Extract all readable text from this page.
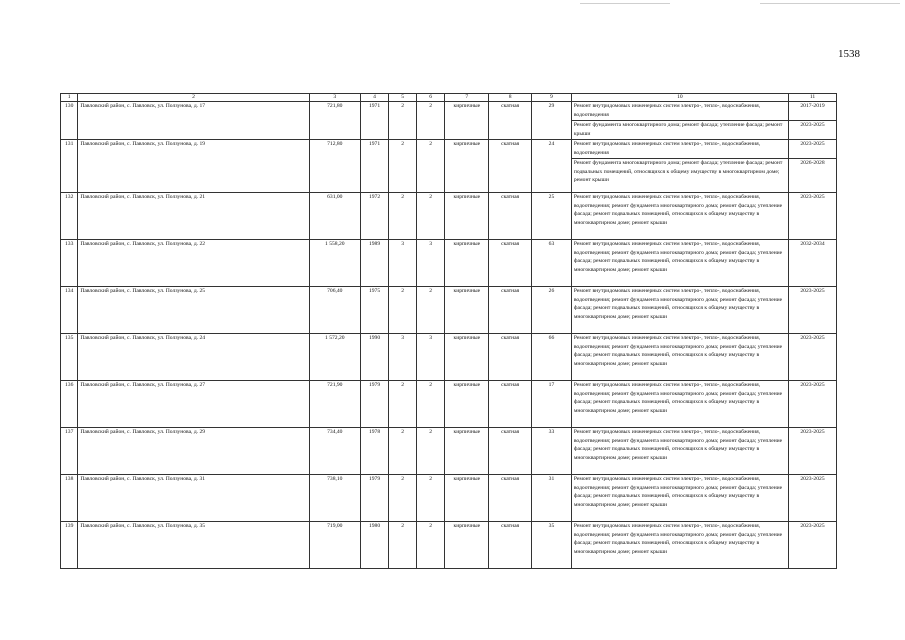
1538
1	2	3	4	5	6	7	8	9	10	11
130	Павловский район, с. Павловск, ул. Ползунова, д. 17	721,80	1971	2	2	кирпичные	скатная	29	Ремонт внутридомовых инженерных систем электро-, тепло-, водоснабжения, водоотведения	2017-2019
									Ремонт фундамента многоквартирного дома; ремонт фасада; утепление фасада; ремонт крыши	2023-2025
131	Павловский район, с. Павловск, ул. Ползунова, д. 19	712,80	1971	2	2	кирпичные	скатная	24	Ремонт внутридомовых инженерных систем электро-, тепло-, водоснабжения, водоотведения	2023-2025
									Ремонт фундамента многоквартирного дома; ремонт фасада; утепление фасада; ремонт подвальных помещений, относящихся к общему имуществу в многоквартирном доме; ремонт крыши	2026-2028
132	Павловский район, с. Павловск, ул. Ползунова, д. 21	631,00	1972	2	2	кирпичные	скатная	25	Ремонт внутридомовых инженерных систем электро-, тепло-, водоснабжения, водоотведения; ремонт фундамента многоквартирного дома; ремонт фасада; утепление фасада; ремонт подвальных помещений, относящихся к общему имуществу в многоквартирном доме; ремонт крыши	2023-2025
133	Павловский район, с. Павловск, ул. Ползунова, д. 22	1 558,20	1989	3	3	кирпичные	скатная	63	Ремонт внутридомовых инженерных систем электро-, тепло-, водоснабжения, водоотведения; ремонт фундамента многоквартирного дома; ремонт фасада; утепление фасада; ремонт подвальных помещений, относящихся к общему имуществу в многоквартирном доме; ремонт крыши	2032-2034
134	Павловский район, с. Павловск, ул. Ползунова, д. 25	706,40	1975	2	2	кирпичные	скатная	26	Ремонт внутридомовых инженерных систем электро-, тепло-, водоснабжения, водоотведения; ремонт фундамента многоквартирного дома; ремонт фасада; утепление фасада; ремонт подвальных помещений, относящихся к общему имуществу в многоквартирном доме; ремонт крыши	2023-2025
135	Павловский район, с. Павловск, ул. Ползунова, д. 24	1 572,20	1990	3	3	кирпичные	скатная	66	Ремонт внутридомовых инженерных систем электро-, тепло-, водоснабжения, водоотведения; ремонт фундамента многоквартирного дома; ремонт фасада; утепление фасада; ремонт подвальных помещений, относящихся к общему имуществу в многоквартирном доме; ремонт крыши	2023-2025
136	Павловский район, с. Павловск, ул. Ползунова, д. 27	721,90	1979	2	2	кирпичные	скатная	17	Ремонт внутридомовых инженерных систем электро-, тепло-, водоснабжения, водоотведения; ремонт фундамента многоквартирного дома; ремонт фасада; утепление фасада; ремонт подвальных помещений, относящихся к общему имуществу в многоквартирном доме; ремонт крыши	2023-2025
137	Павловский район, с. Павловск, ул. Ползунова, д. 29	734,40	1978	2	2	кирпичные	скатная	33	Ремонт внутридомовых инженерных систем электро-, тепло-, водоснабжения, водоотведения; ремонт фундамента многоквартирного дома; ремонт фасада; утепление фасада; ремонт подвальных помещений, относящихся к общему имуществу в многоквартирном доме; ремонт крыши	2023-2025
138	Павловский район, с. Павловск, ул. Ползунова, д. 31	738,10	1979	2	2	кирпичные	скатная	31	Ремонт внутридомовых инженерных систем электро-, тепло-, водоснабжения, водоотведения; ремонт фундамента многоквартирного дома; ремонт фасада; утепление фасада; ремонт подвальных помещений, относящихся к общему имуществу в многоквартирном доме; ремонт крыши	2023-2025
139	Павловский район, с. Павловск, ул. Ползунова, д. 35	719,00	1980	2	2	кирпичные	скатная	35	Ремонт внутридомовых инженерных систем электро-, тепло-, водоснабжения, водоотведения; ремонт фундамента многоквартирного дома; ремонт фасада; утепление фасада; ремонт подвальных помещений, относящихся к общему имуществу в многоквартирном доме; ремонт крыши	2023-2025
